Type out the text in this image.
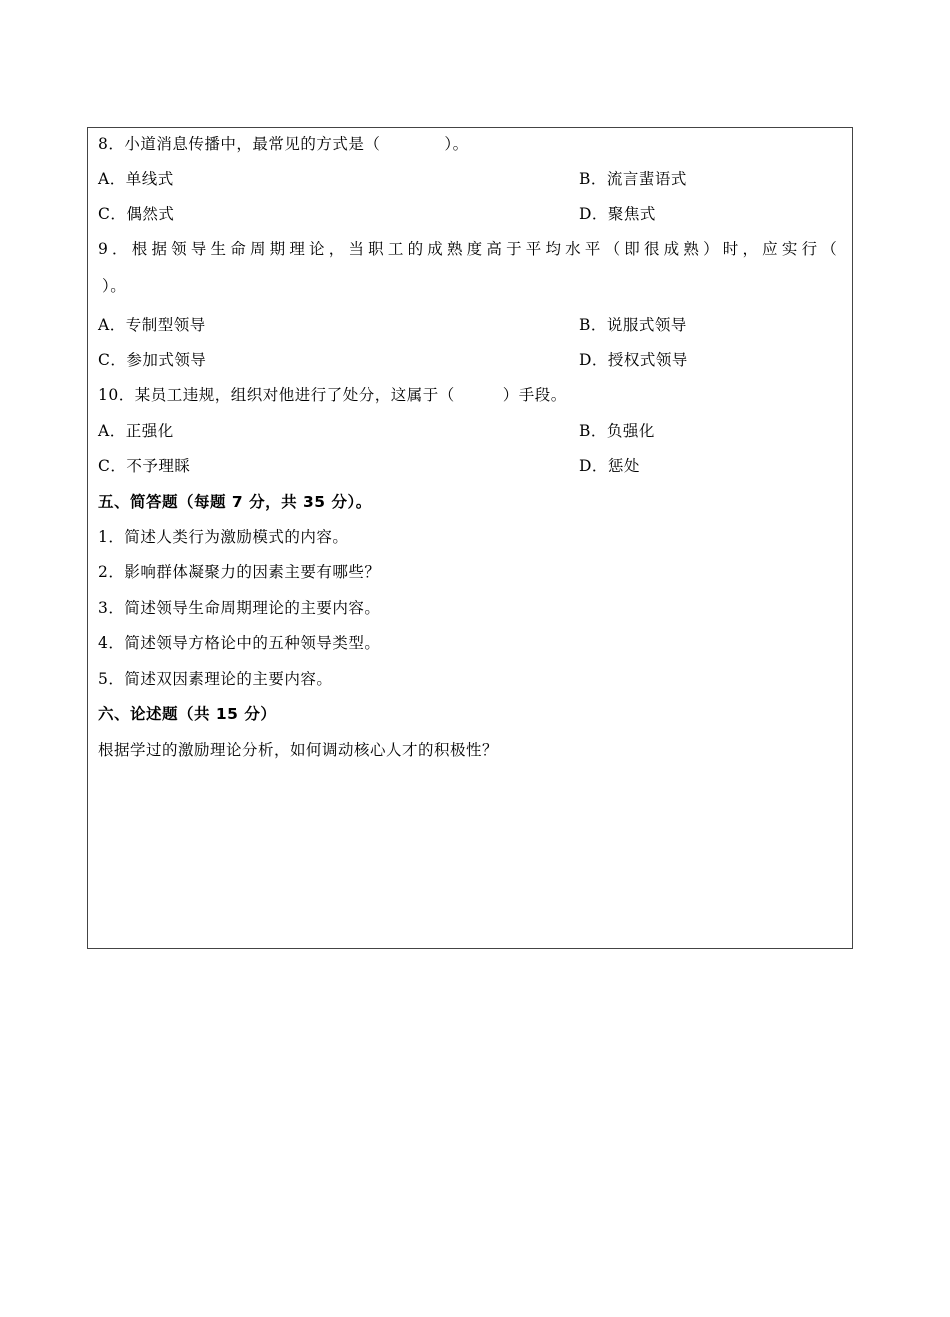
8．小道消息传播中，最常见的方式是（　　　　）。
A．单线式	B．流言蜚语式
C．偶然式	D．聚焦式
9．根据领导生命周期理论，当职工的成熟度高于平均水平（即很成熟）时，应实行（
）。
A．专制型领导	B．说服式领导
C．参加式领导	D．授权式领导
10．某员工违规，组织对他进行了处分，这属于（　　　）手段。
A．正强化	B．负强化
C．不予理睬	D．惩处
五、简答题（每题 7 分，共 35 分）。
1．简述人类行为激励模式的内容。
2．影响群体凝聚力的因素主要有哪些？
3．简述领导生命周期理论的主要内容。
4．简述领导方格论中的五种领导类型。
5．简述双因素理论的主要内容。
六、论述题（共 15 分）
根据学过的激励理论分析，如何调动核心人才的积极性？
